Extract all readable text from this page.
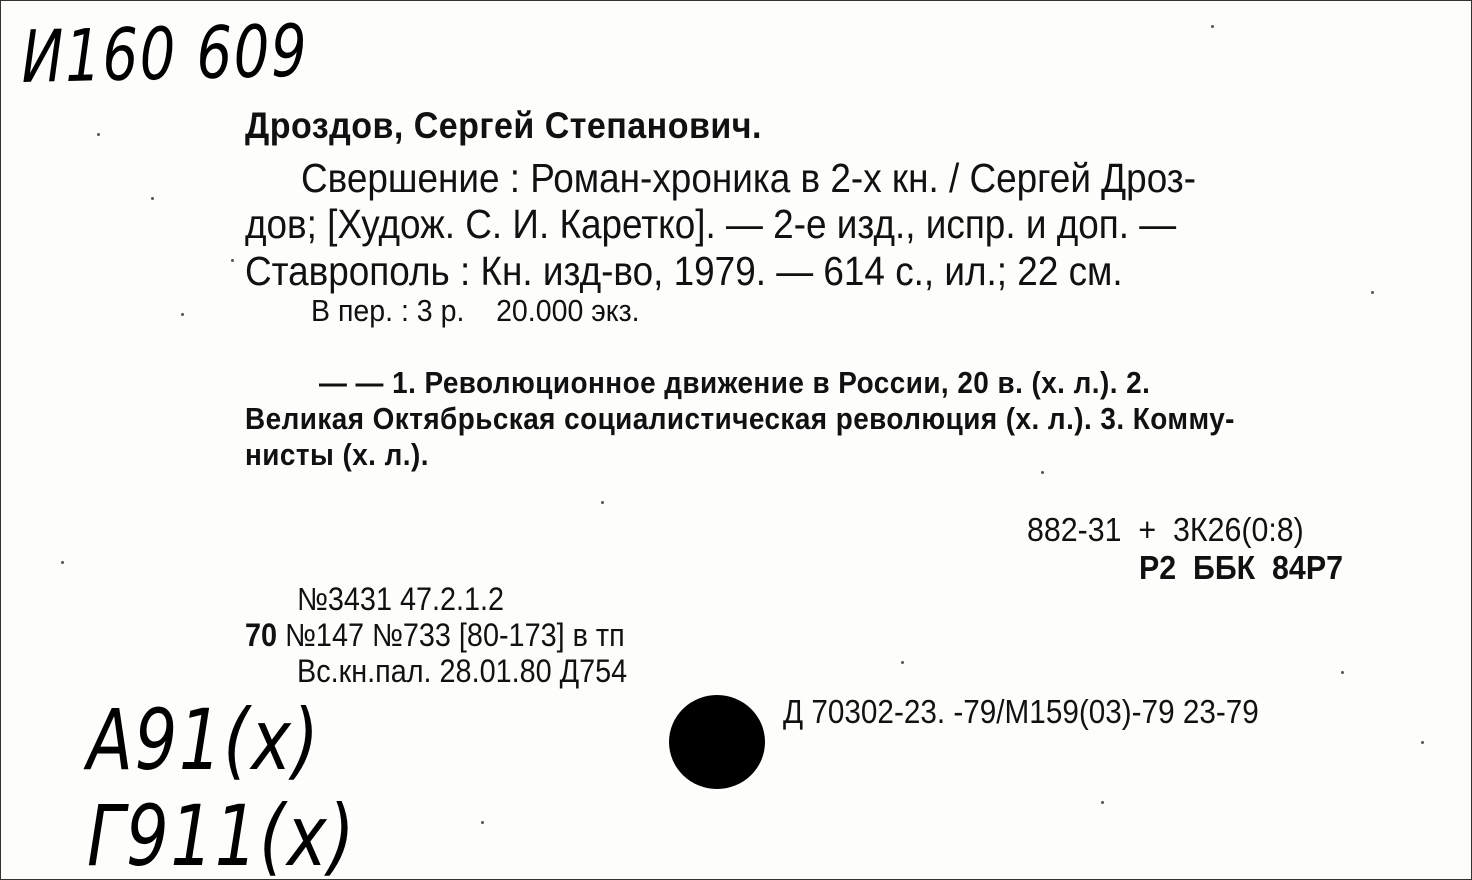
И160 609
Дроздов, Сергей Степанович.
Свершение : Роман-хроника в 2-х кн. / Сергей Дроз-
дов; [Худож. С. И. Каретко]. — 2-е изд., испр. и доп. —
Ставрополь : Кн. изд-во, 1979. — 614 с., ил.; 22 см.
В пер. : 3 р.    20.000 экз.
— — 1. Революционное движение в России, 20 в. (х. л.). 2.
Великая Октябрьская социалистическая революция (х. л.). 3. Комму-
нисты (х. л.).
882-31  +  3К26(0:8)
Р2  ББК  84Р7
№3431 47.2.1.2
70 №147 №733 [80-173] в тп
Вс.кн.пал. 28.01.80 Д754
Д 70302-23. -79/М159(03)-79 23-79
А91(х)
Г911(х)
